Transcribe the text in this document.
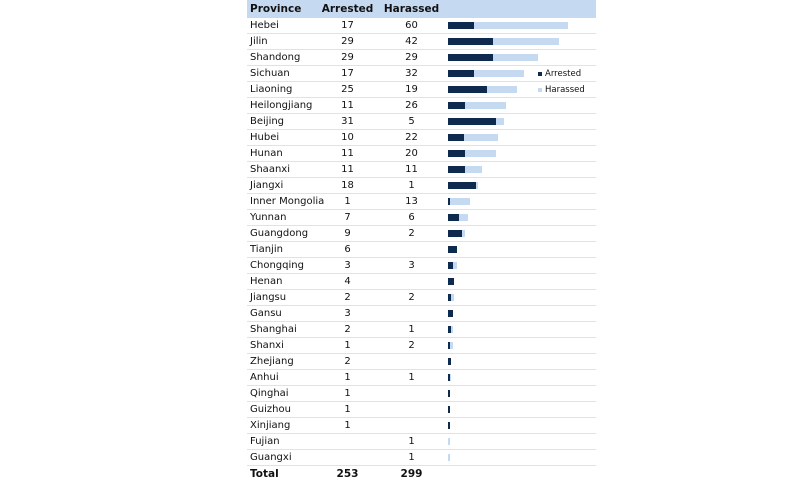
Province	Arrested	Harassed		
Hebei	17	60		

Jilin	29	42		

Shandong	29	29		

Sichuan	17	32		

Liaoning	25	19		

Heilongjiang	11	26		

Beijing	31	5		

Hubei	10	22		

Hunan	11	20		

Shaanxi	11	11		

Jiangxi	18	1		

Inner Mongolia	1	13		

Yunnan	7	6		

Guangdong	9	2		

Tianjin	6			

Chongqing	3	3		

Henan	4			

Jiangsu	2	2		

Gansu	3			

Shanghai	2	1		

Shanxi	1	2		

Zhejiang	2			

Anhui	1	1		

Qinghai	1			

Guizhou	1			

Xinjiang	1			

Fujian		1		

Guangxi		1		

Total	253	299		
Arrested
Harassed
